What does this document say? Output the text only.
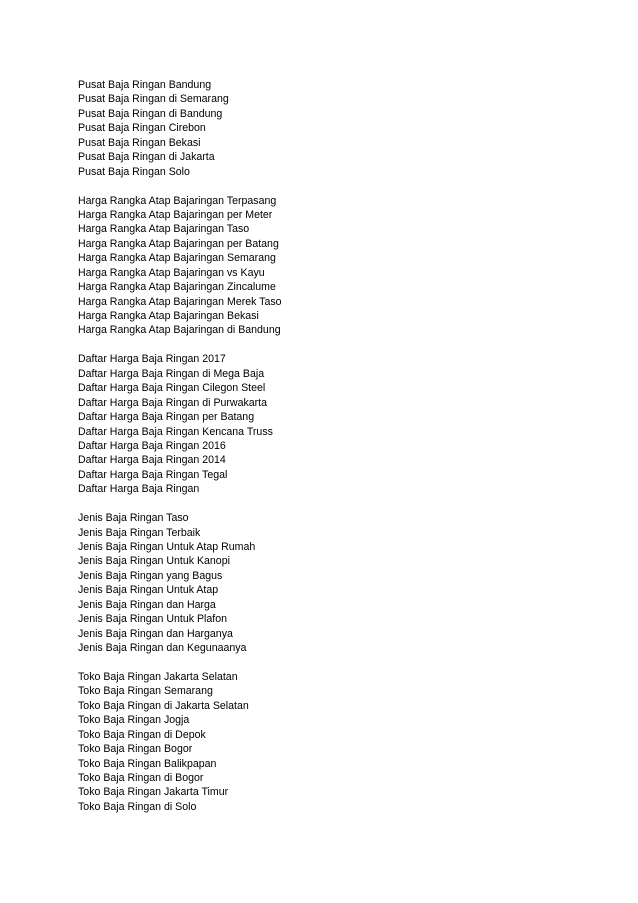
Pusat Baja Ringan Bandung
Pusat Baja Ringan di Semarang
Pusat Baja Ringan di Bandung
Pusat Baja Ringan Cirebon
Pusat Baja Ringan Bekasi
Pusat Baja Ringan di Jakarta
Pusat Baja Ringan Solo
Harga Rangka Atap Bajaringan Terpasang
Harga Rangka Atap Bajaringan per Meter
Harga Rangka Atap Bajaringan Taso
Harga Rangka Atap Bajaringan per Batang
Harga Rangka Atap Bajaringan Semarang
Harga Rangka Atap Bajaringan vs Kayu
Harga Rangka Atap Bajaringan Zincalume
Harga Rangka Atap Bajaringan Merek Taso
Harga Rangka Atap Bajaringan Bekasi
Harga Rangka Atap Bajaringan di Bandung
Daftar Harga Baja Ringan 2017
Daftar Harga Baja Ringan di Mega Baja
Daftar Harga Baja Ringan Cilegon Steel
Daftar Harga Baja Ringan di Purwakarta
Daftar Harga Baja Ringan per Batang
Daftar Harga Baja Ringan Kencana Truss
Daftar Harga Baja Ringan 2016
Daftar Harga Baja Ringan 2014
Daftar Harga Baja Ringan Tegal
Daftar Harga Baja Ringan
Jenis Baja Ringan Taso
Jenis Baja Ringan Terbaik
Jenis Baja Ringan Untuk Atap Rumah
Jenis Baja Ringan Untuk Kanopi
Jenis Baja Ringan yang Bagus
Jenis Baja Ringan Untuk Atap
Jenis Baja Ringan dan Harga
Jenis Baja Ringan Untuk Plafon
Jenis Baja Ringan dan Harganya
Jenis Baja Ringan dan Kegunaanya
Toko Baja Ringan Jakarta Selatan
Toko Baja Ringan Semarang
Toko Baja Ringan di Jakarta Selatan
Toko Baja Ringan Jogja
Toko Baja Ringan di Depok
Toko Baja Ringan Bogor
Toko Baja Ringan Balikpapan
Toko Baja Ringan di Bogor
Toko Baja Ringan Jakarta Timur
Toko Baja Ringan di Solo
